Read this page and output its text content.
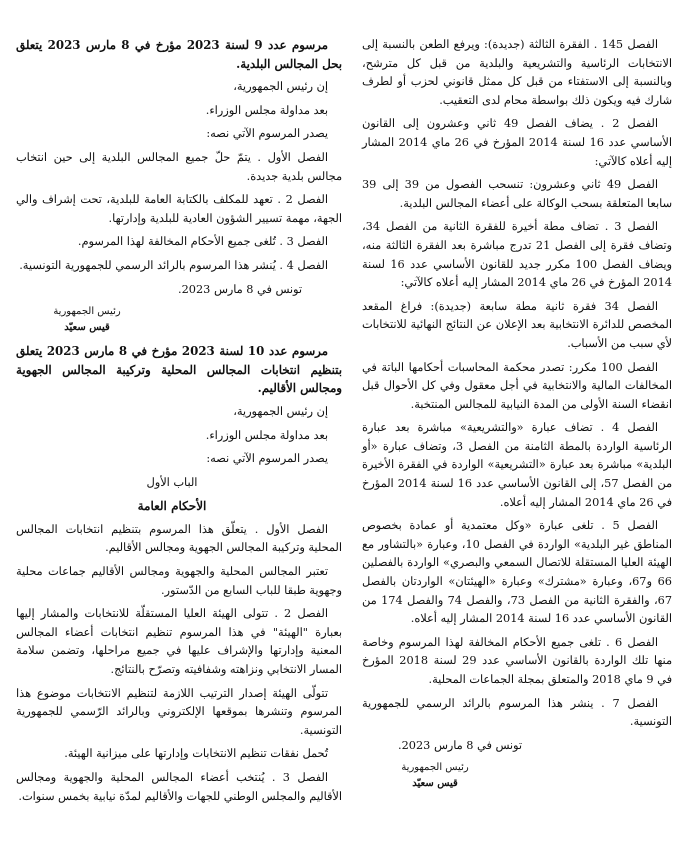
الفصل 145 . الفقرة الثالثة (جديدة): ويرفع الطعن بالنسبة إلى الانتخابات الرئاسية والتشريعية والبلدية من قبل كل مترشح، وبالنسبة إلى الاستفتاء من قبل كل ممثل قانوني لحزب أو لطرف شارك فيه ويكون ذلك بواسطة محام لدى التعقيب.

الفصل 2 . يضاف الفصل 49 ثاني وعشرون إلى القانون الأساسي عدد 16 لسنة 2014 المؤرخ في 26 ماي 2014 المشار إليه أعلاه كالآتي:

الفصل 49 ثاني وعشرون: تنسحب الفصول من 39 إلى 39 سابعا المتعلقة بسحب الوكالة على أعضاء المجالس البلدية.

الفصل 3 . تضاف مطة أخيرة للفقرة الثانية من الفصل 34، وتضاف فقرة إلى الفصل 21 تدرج مباشرة بعد الفقرة الثالثة منه، ويضاف الفصل 100 مكرر جديد للقانون الأساسي عدد 16 لسنة 2014 المؤرخ في 26 ماي 2014 المشار إليه أعلاه كالآتي:

الفصل 34 فقرة ثانية مطة سابعة (جديدة): فراغ المقعد المخصص للدائرة الانتخابية بعد الإعلان عن النتائج النهائية للانتخابات لأي سبب من الأسباب.

الفصل 100 مكرر: تصدر محكمة المحاسبات أحكامها الباتة في المخالفات المالية والانتخابية في أجل معقول وفي كل الأحوال قبل انقضاء السنة الأولى من المدة النيابية للمجالس المنتخبة.

الفصل 4 . تضاف عبارة «والتشريعية» مباشرة بعد عبارة الرئاسية الواردة بالمطة الثامنة من الفصل 3، وتضاف عبارة «أو البلدية» مباشرة بعد عبارة «التشريعية» الواردة في الفقرة الأخيرة من الفصل 57، إلى القانون الأساسي عدد 16 لسنة 2014 المؤرخ في 26 ماي 2014 المشار إليه أعلاه.

الفصل 5 . تلغى عبارة «وكل معتمدية أو عمادة بخصوص المناطق غير البلدية» الواردة في الفصل 10، وعبارة «بالتشاور مع الهيئة العليا المستقلة للاتصال السمعي والبصري» الواردة بالفصلين 66 و67، وعبارة «مشترك» وعبارة «الهيئتان» الواردتان بالفصل 67، والفقرة الثانية من الفصل 73، والفصل 74 والفصل 174 من القانون الأساسي عدد 16 لسنة 2014 المشار إليه أعلاه.

الفصل 6 . تلغى جميع الأحكام المخالفة لهذا المرسوم وخاصة منها تلك الواردة بالقانون الأساسي عدد 29 لسنة 2018 المؤرخ في 9 ماي 2018 والمتعلق بمجلة الجماعات المحلية.

الفصل 7 . ينشر هذا المرسوم بالرائد الرسمي للجمهورية التونسية.

تونس في 8 مارس 2023.

رئيس الجمهورية
قيس سعيّد

مرسوم عدد 9 لسنة 2023 مؤرخ في 8 مارس 2023 يتعلق بحل المجالس البلدية.

إن رئيس الجمهورية،

بعد مداولة مجلس الوزراء.

يصدر المرسوم الآتي نصه:

الفصل الأول . يتمّ حلّ جميع المجالس البلدية إلى حين انتخاب مجالس بلدية جديدة.

الفصل 2 . تعهد للمكلف بالكتابة العامة للبلدية، تحت إشراف والي الجهة، مهمة تسيير الشؤون العادية للبلدية وإدارتها.

الفصل 3 . تُلغى جميع الأحكام المخالفة لهذا المرسوم.

الفصل 4 . يُنشر هذا المرسوم بالرائد الرسمي للجمهورية التونسية.

تونس في 8 مارس 2023.

رئيس الجمهورية
قيس سعيّد

مرسوم عدد 10 لسنة 2023 مؤرخ في 8 مارس 2023 يتعلق بتنظيم انتخابات المجالس المحلية وتركيبة المجالس الجهوية ومجالس الأقاليم.

إن رئيس الجمهورية،

بعد مداولة مجلس الوزراء.

يصدر المرسوم الآتي نصه:

الباب الأول

الأحكام العامة

الفصل الأول . يتعلّق هذا المرسوم بتنظيم انتخابات المجالس المحلية وتركيبة المجالس الجهوية ومجالس الأقاليم.

تعتبر المجالس المحلية والجهوية ومجالس الأقاليم جماعات محلية وجهوية طبقا للباب السابع من الدّستور.

الفصل 2 . تتولى الهيئة العليا المستقلّة للانتخابات والمشار إليها بعبارة "الهيئة" في هذا المرسوم تنظيم انتخابات أعضاء المجالس المعنية وإدارتها والإشراف عليها في جميع مراحلها، وتضمن سلامة المسار الانتخابي ونزاهته وشفافيته وتصرّح بالنتائج.

تتولّى الهيئة إصدار الترتيب اللازمة لتنظيم الانتخابات موضوع هذا المرسوم وتنشرها بموقعها الإلكتروني وبالرائد الرّسمي للجمهورية التونسية.

تُحمل نفقات تنظيم الانتخابات وإدارتها على ميزانية الهيئة.

الفصل 3 . يُنتخب أعضاء المجالس المحلية والجهوية ومجالس الأقاليم والمجلس الوطني للجهات والأقاليم لمدّة نيابية بخمس سنوات.
